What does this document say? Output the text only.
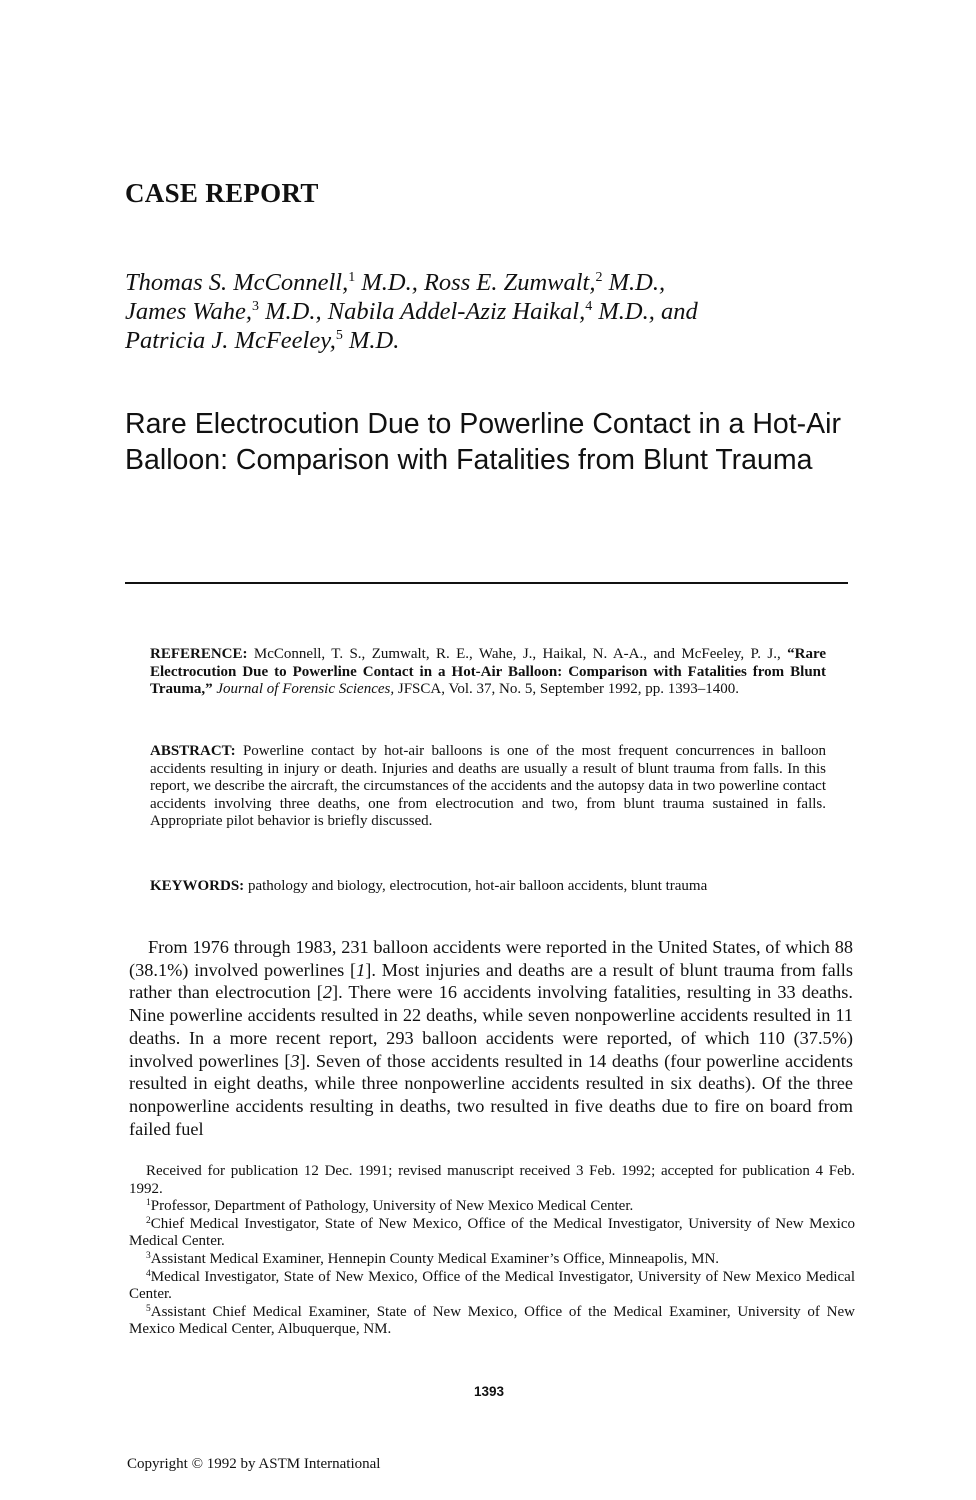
CASE REPORT
Thomas S. McConnell,$^1$ M.D., Ross E. Zumwalt,$^2$ M.D.,
James Wahe,$^3$ M.D., Nabila Addel-Aziz Haikal,$^4$ M.D., and
Patricia J. McFeeley,$^5$ M.D.
Rare Electrocution Due to Powerline Contact in a Hot-Air Balloon: Comparison with Fatalities from Blunt Trauma
REFERENCE: McConnell, T. S., Zumwalt, R. E., Wahe, J., Haikal, N. A-A., and McFeeley, P. J., “Rare Electrocution Due to Powerline Contact in a Hot-Air Balloon: Comparison with Fatalities from Blunt Trauma,” Journal of Forensic Sciences, JFSCA, Vol. 37, No. 5, September 1992, pp. 1393–1400.
ABSTRACT: Powerline contact by hot-air balloons is one of the most frequent concurrences in balloon accidents resulting in injury or death. Injuries and deaths are usually a result of blunt trauma from falls. In this report, we describe the aircraft, the circumstances of the accidents and the autopsy data in two powerline contact accidents involving three deaths, one from electrocution and two, from blunt trauma sustained in falls. Appropriate pilot behavior is briefly discussed.
KEYWORDS: pathology and biology, electrocution, hot-air balloon accidents, blunt trauma

From 1976 through 1983, 231 balloon accidents were reported in the United States, of which 88 (38.1%) involved powerlines [1]. Most injuries and deaths are a result of blunt trauma from falls rather than electrocution [2]. There were 16 accidents involving fatalities, resulting in 33 deaths. Nine powerline accidents resulted in 22 deaths, while seven nonpowerline accidents resulted in 11 deaths. In a more recent report, 293 balloon accidents were reported, of which 110 (37.5%) involved powerlines [3]. Seven of those accidents resulted in 14 deaths (four powerline accidents resulted in eight deaths, while three nonpowerline accidents resulted in six deaths). Of the three nonpowerline accidents resulting in deaths, two resulted in five deaths due to fire on board from failed fuel

Received for publication 12 Dec. 1991; revised manuscript received 3 Feb. 1992; accepted for publication 4 Feb. 1992.

$^1$Professor, Department of Pathology, University of New Mexico Medical Center.

$^2$Chief Medical Investigator, State of New Mexico, Office of the Medical Investigator, University of New Mexico Medical Center.

$^3$Assistant Medical Examiner, Hennepin County Medical Examiner’s Office, Minneapolis, MN.

$^4$Medical Investigator, State of New Mexico, Office of the Medical Investigator, University of New Mexico Medical Center.

$^5$Assistant Chief Medical Examiner, State of New Mexico, Office of the Medical Examiner, University of New Mexico Medical Center, Albuquerque, NM.

1393
Copyright © 1992 by ASTM International
